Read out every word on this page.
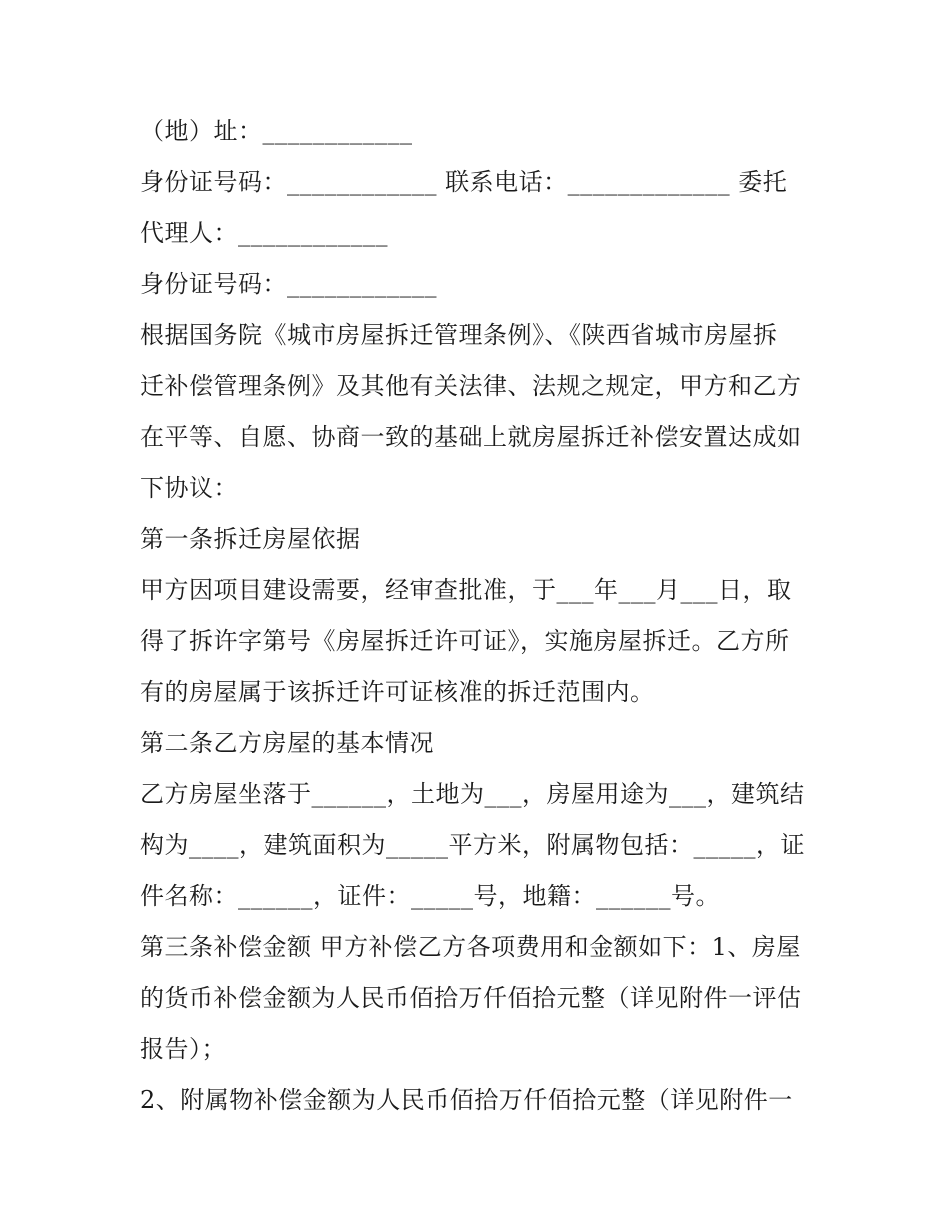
（地）址：____________
身份证号码：____________ 联系电话：_____________ 委托
代理人：____________
身份证号码：____________
根据国务院《城市房屋拆迁管理条例》、《陕西省城市房屋拆
迁补偿管理条例》及其他有关法律、法规之规定，甲方和乙方
在平等、自愿、协商一致的基础上就房屋拆迁补偿安置达成如
下协议：
第一条拆迁房屋依据
甲方因项目建设需要，经审查批准，于___年___月___日，取
得了拆许字第号《房屋拆迁许可证》，实施房屋拆迁。乙方所
有的房屋属于该拆迁许可证核准的拆迁范围内。
第二条乙方房屋的基本情况
乙方房屋坐落于______，土地为___，房屋用途为___，建筑结
构为____，建筑面积为_____平方米，附属物包括：_____，证
件名称：______，证件：_____号，地籍：______号。
第三条补偿金额 甲方补偿乙方各项费用和金额如下：1、房屋
的货币补偿金额为人民币佰拾万仟佰拾元整（详见附件一评估
报告）；
2、附属物补偿金额为人民币佰拾万仟佰拾元整（详见附件一
